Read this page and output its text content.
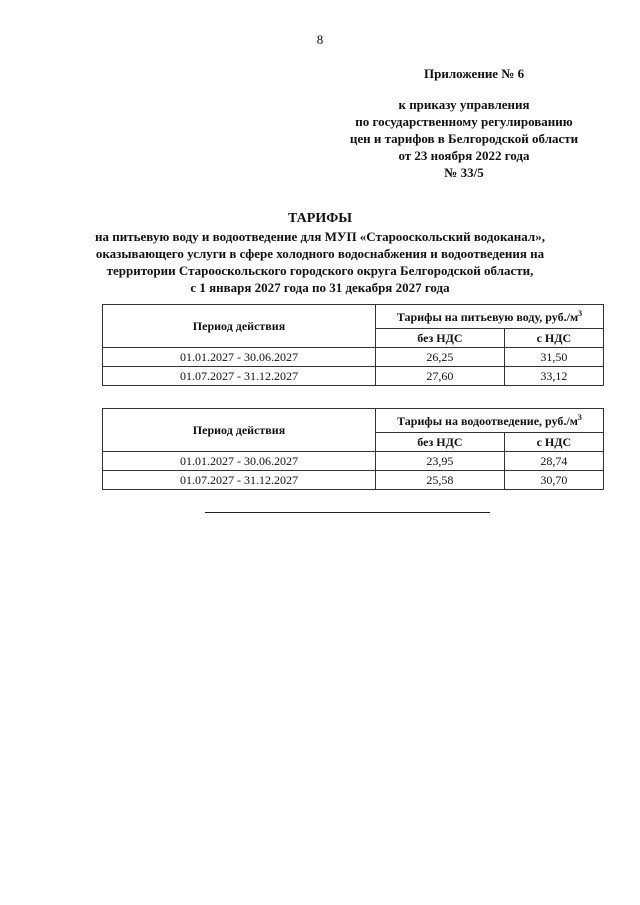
8
Приложение № 6
к приказу управления
по государственному регулированию
цен и тарифов в Белгородской области
от 23 ноября 2022 года
№ 33/5
ТАРИФЫ
на питьевую воду и водоотведение для МУП «Старооскольский водоканал»,
оказывающего услуги в сфере холодного водоснабжения и водоотведения на
территории Старооскольского городского округа Белгородской области,
с 1 января 2027 года по 31 декабря 2027 года
Период действия	Тарифы на питьевую воду, $руб./м^3$
	без НДС	с НДС
01.01.2027 - 30.06.2027	26,25	31,50
01.07.2027 - 31.12.2027	27,60	33,12
Период действия	Тарифы на водоотведение, $руб./м^3$
	без НДС	с НДС
01.01.2027 - 30.06.2027	23,95	28,74
01.07.2027 - 31.12.2027	25,58	30,70
